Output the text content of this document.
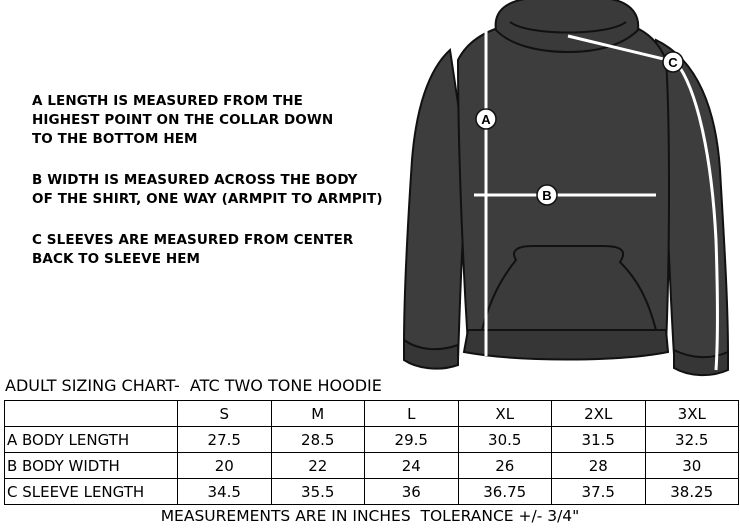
A LENGTH IS MEASURED FROM THE
HIGHEST POINT ON THE COLLAR DOWN
TO THE BOTTOM HEM

B WIDTH IS MEASURED ACROSS THE BODY
OF THE SHIRT, ONE WAY (ARMPIT TO ARMPIT)

C SLEEVES ARE MEASURED FROM CENTER
BACK TO SLEEVE HEM

A
B
C
ADULT SIZING CHART-  ATC TWO TONE HOODIE
	S	M	L	XL	2XL	3XL
A BODY LENGTH	27.5	28.5	29.5	30.5	31.5	32.5
B BODY WIDTH	20	22	24	26	28	30
C SLEEVE LENGTH	34.5	35.5	36	36.75	37.5	38.25
MEASUREMENTS ARE IN INCHES  TOLERANCE +/- 3/4"
